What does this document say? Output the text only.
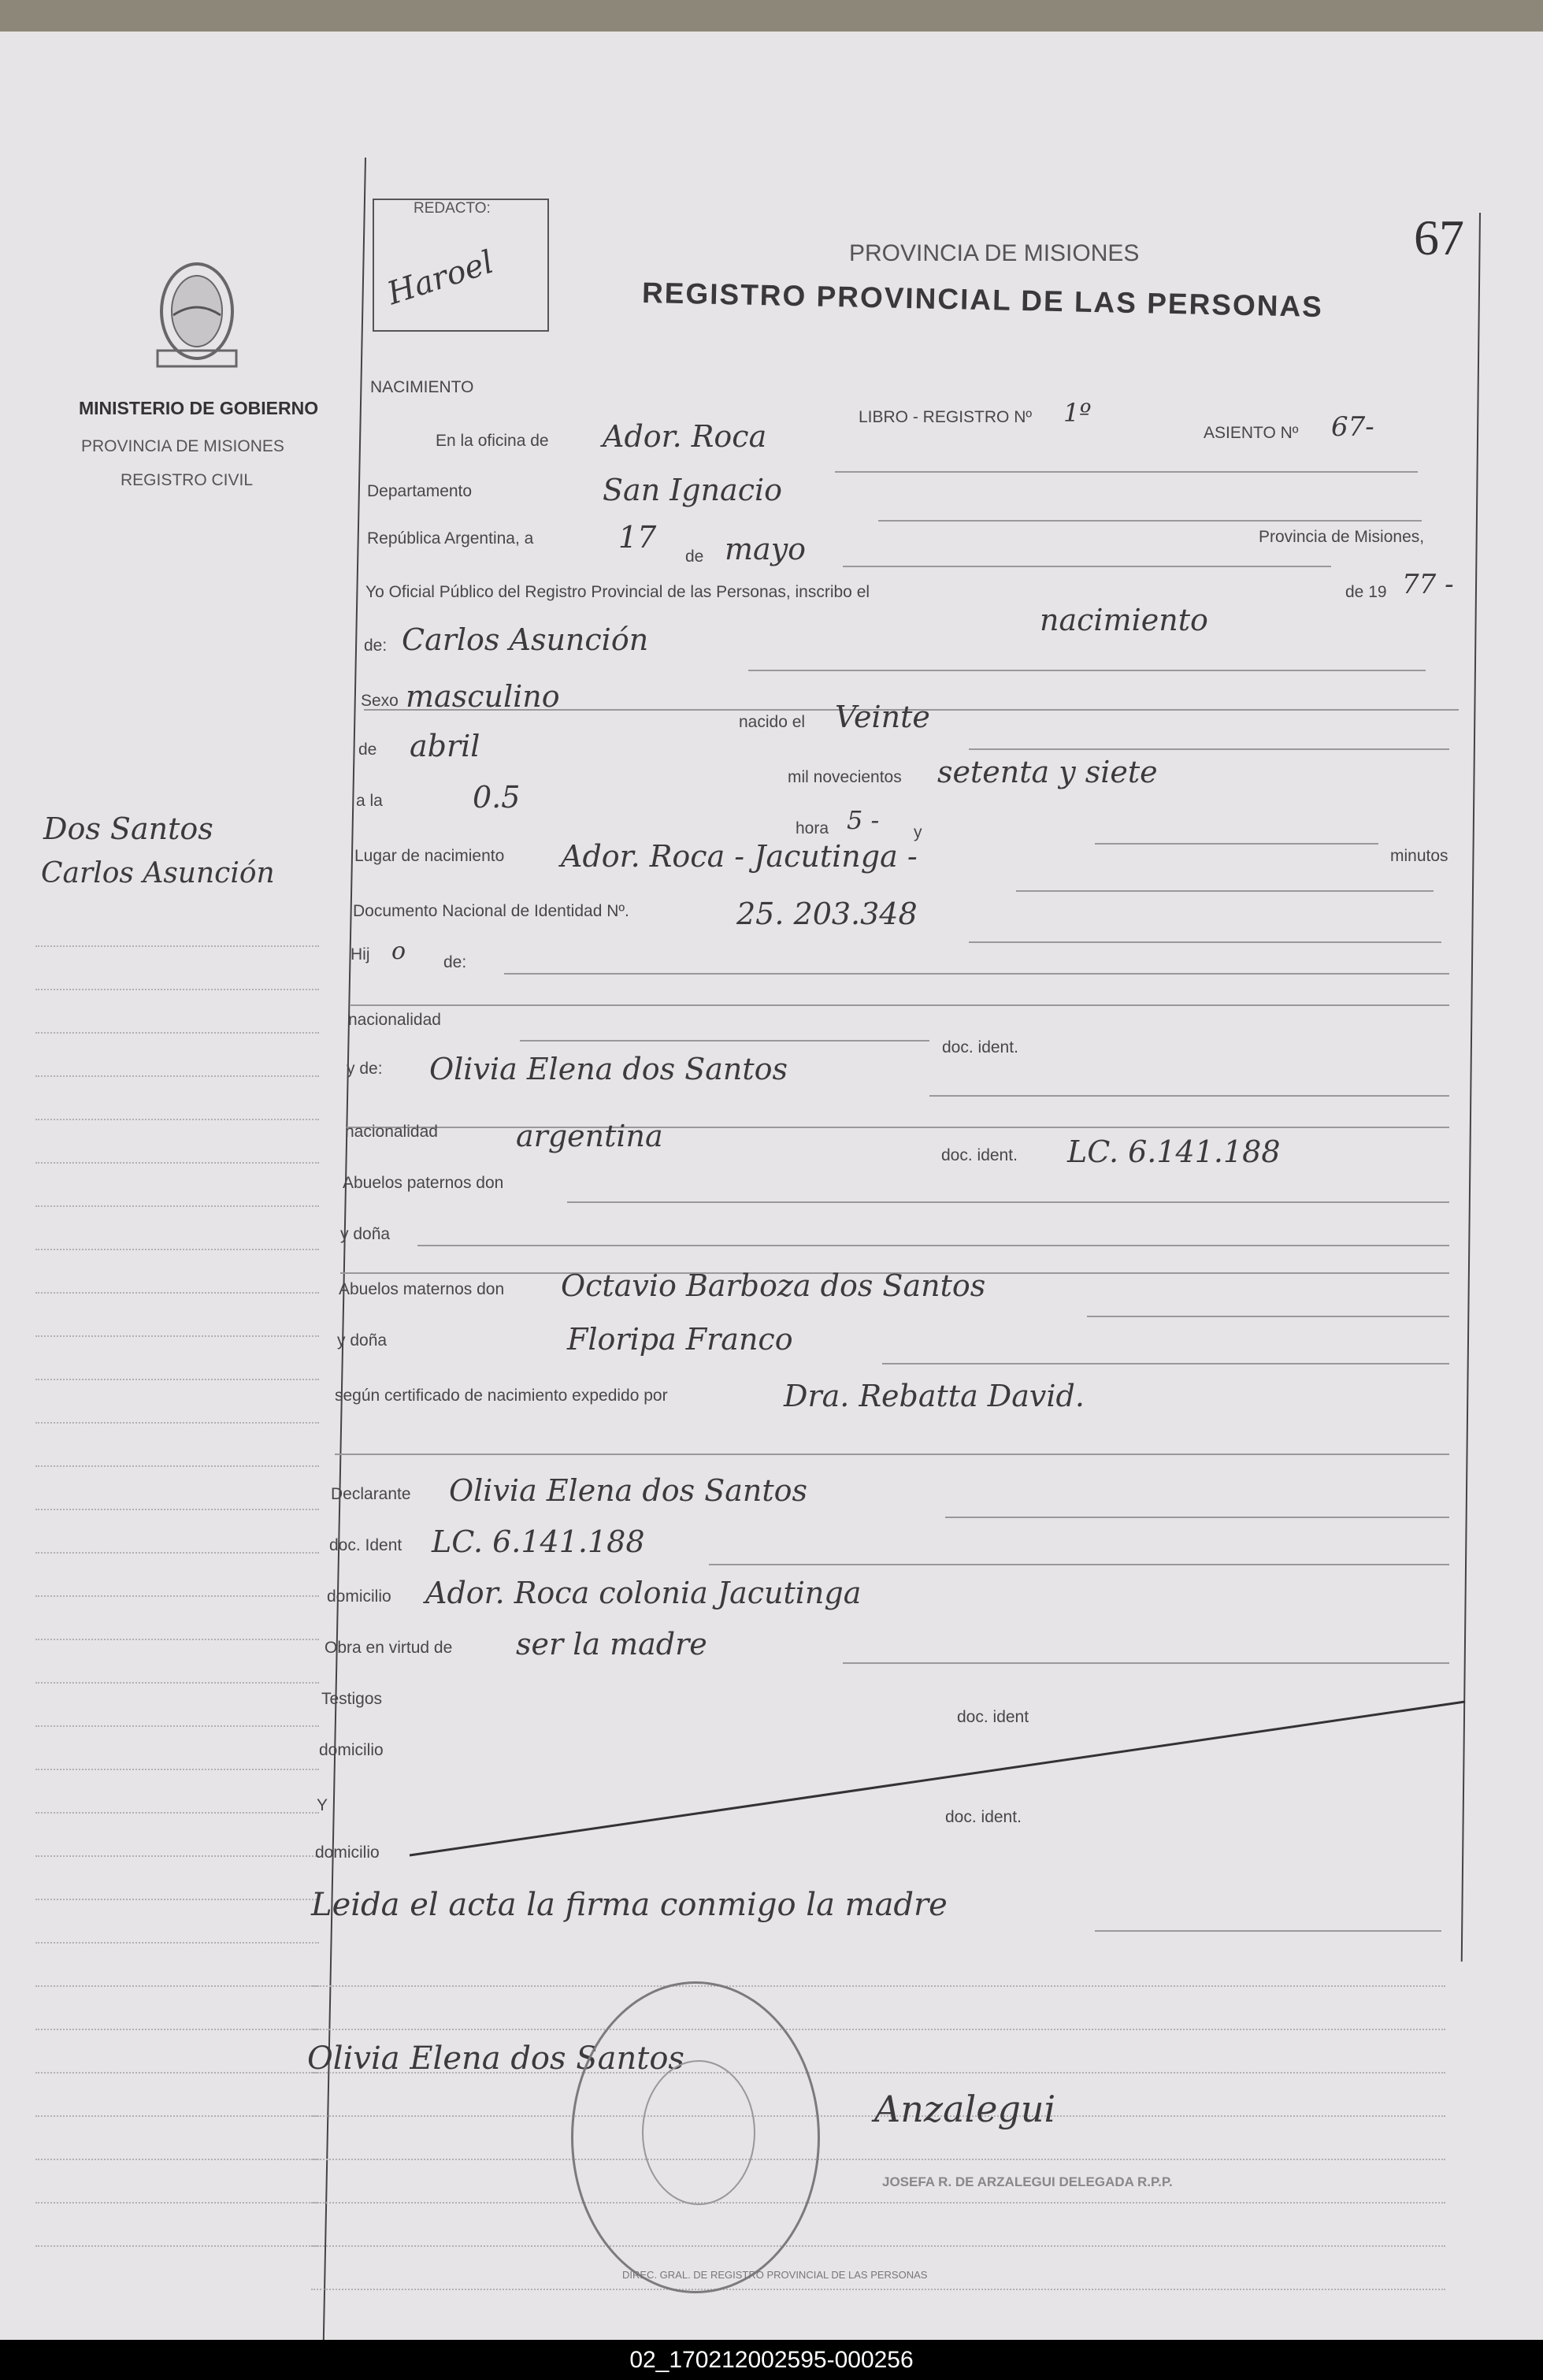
MINISTERIO DE GOBIERNO
PROVINCIA DE MISIONES
REGISTRO CIVIL
REDACTO:
Haroel	PROVINCIA DE MISIONES
REGISTRO PROVINCIAL DE LAS PERSONAS
67
Dos Santos
Carlos Asunción
NACIMIENTO
LIBRO - REGISTRO Nº 1º
ASIENTO Nº 67-
En la oficina de Ador. Roca
Departamento	San Ignacio
República Argentina, a	17
de mayo	Provincia de Misiones,
Yo Oficial Público del Registro Provincial de las Personas, inscribo el	de 19 77 -
nacimiento
de: Carlos Asunción
Sexo masculino
nacido el Veinte
de abril
mil novecientos setenta y siete
a la	0.5
hora 5 - y
minutos
Lugar de nacimiento Ador. Roca - Jacutinga -
Documento Nacional de Identidad Nº.	25. 203.348
Hij o de:
nacionalidad
doc. ident.
y de: Olivia Elena dos Santos
nacionalidad	argentina
doc. ident. LC. 6.141.188
Abuelos paternos don
y doña
Abuelos maternos don Octavio Barboza dos Santos
y doña	Floripa Franco
según certificado de nacimiento expedido por	Dra. Rebatta David.
Declarante Olivia Elena dos Santos
doc. Ident LC. 6.141.188
domicilio Ador. Roca colonia Jacutinga
Obra en virtud de ser la madre
Testigos
doc. ident
domicilio
Y
doc. ident.
domicilio
Leida el acta la firma conmigo la madre
Olivia Elena dos Santos
Anzalegui
DIREC. GRAL. DE REGISTRO PROVINCIAL DE LAS PERSONAS
JOSEFA R. DE ARZALEGUI DELEGADA R.P.P.
02_170212002595-000256
